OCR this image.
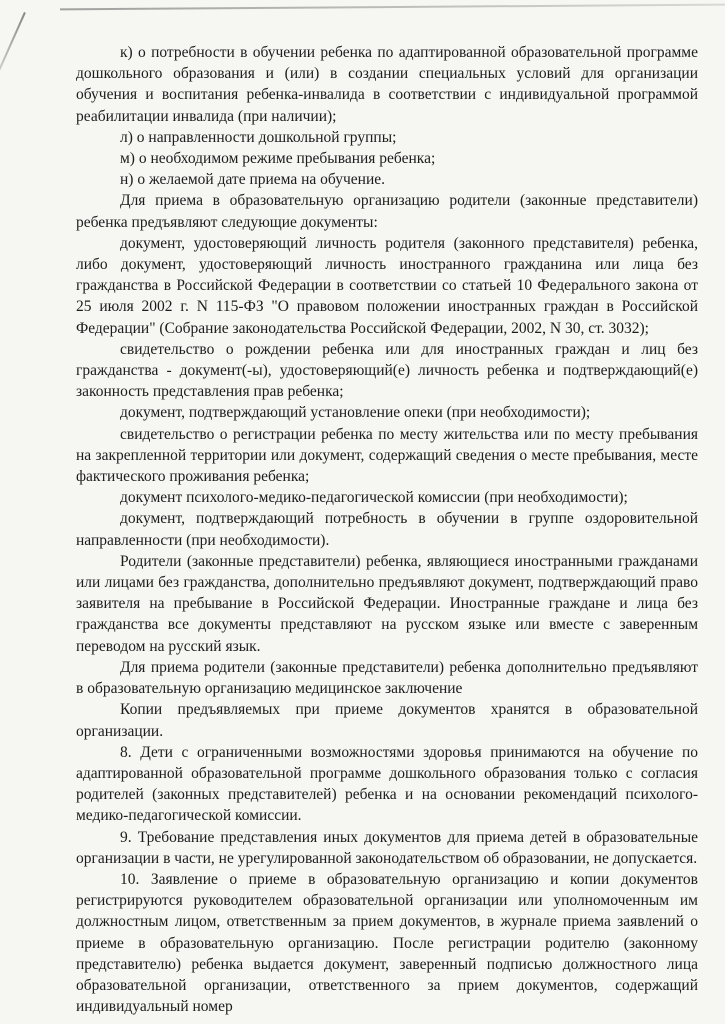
к) о потребности в обучении ребенка по адаптированной образовательной программе дошкольного образования и (или) в создании специальных условий для организации обучения и воспитания ребенка-инвалида в соответствии с индивидуальной программой реабилитации инвалида (при наличии);

л) о направленности дошкольной группы;

м) о необходимом режиме пребывания ребенка;

н) о желаемой дате приема на обучение.

Для приема в образовательную организацию родители (законные представители) ребенка предъявляют следующие документы:

документ, удостоверяющий личность родителя (законного представителя) ребенка, либо документ, удостоверяющий личность иностранного гражданина или лица без гражданства в Российской Федерации в соответствии со статьей 10 Федерального закона от 25 июля 2002 г. N 115-ФЗ "О правовом положении иностранных граждан в Российской Федерации" (Собрание законодательства Российской Федерации, 2002, N 30, ст. 3032);

свидетельство о рождении ребенка или для иностранных граждан и лиц без гражданства - документ(-ы), удостоверяющий(е) личность ребенка и подтверждающий(е) законность представления прав ребенка;

документ, подтверждающий установление опеки (при необходимости);

свидетельство о регистрации ребенка по месту жительства или по месту пребывания на закрепленной территории или документ, содержащий сведения о месте пребывания, месте фактического проживания ребенка;

документ психолого-медико-педагогической комиссии (при необходимости);

документ, подтверждающий потребность в обучении в группе оздоровительной направленности (при необходимости).

Родители (законные представители) ребенка, являющиеся иностранными гражданами или лицами без гражданства, дополнительно предъявляют документ, подтверждающий право заявителя на пребывание в Российской Федерации. Иностранные граждане и лица без гражданства все документы представляют на русском языке или вместе с заверенным переводом на русский язык.

Для приема родители (законные представители) ребенка дополнительно предъявляют в образовательную организацию медицинское заключение

Копии предъявляемых при приеме документов хранятся в образовательной организации.

8. Дети с ограниченными возможностями здоровья принимаются на обучение по адаптированной образовательной программе дошкольного образования только с согласия родителей (законных представителей) ребенка и на основании рекомендаций психолого-медико-педагогической комиссии.

9. Требование представления иных документов для приема детей в образовательные организации в части, не урегулированной законодательством об образовании, не допускается.

10. Заявление о приеме в образовательную организацию и копии документов регистрируются руководителем образовательной организации или уполномоченным им должностным лицом, ответственным за прием документов, в журнале приема заявлений о приеме в образовательную организацию. После регистрации родителю (законному представителю) ребенка выдается документ, заверенный подписью должностного лица образовательной организации, ответственного за прием документов, содержащий индивидуальный номер
